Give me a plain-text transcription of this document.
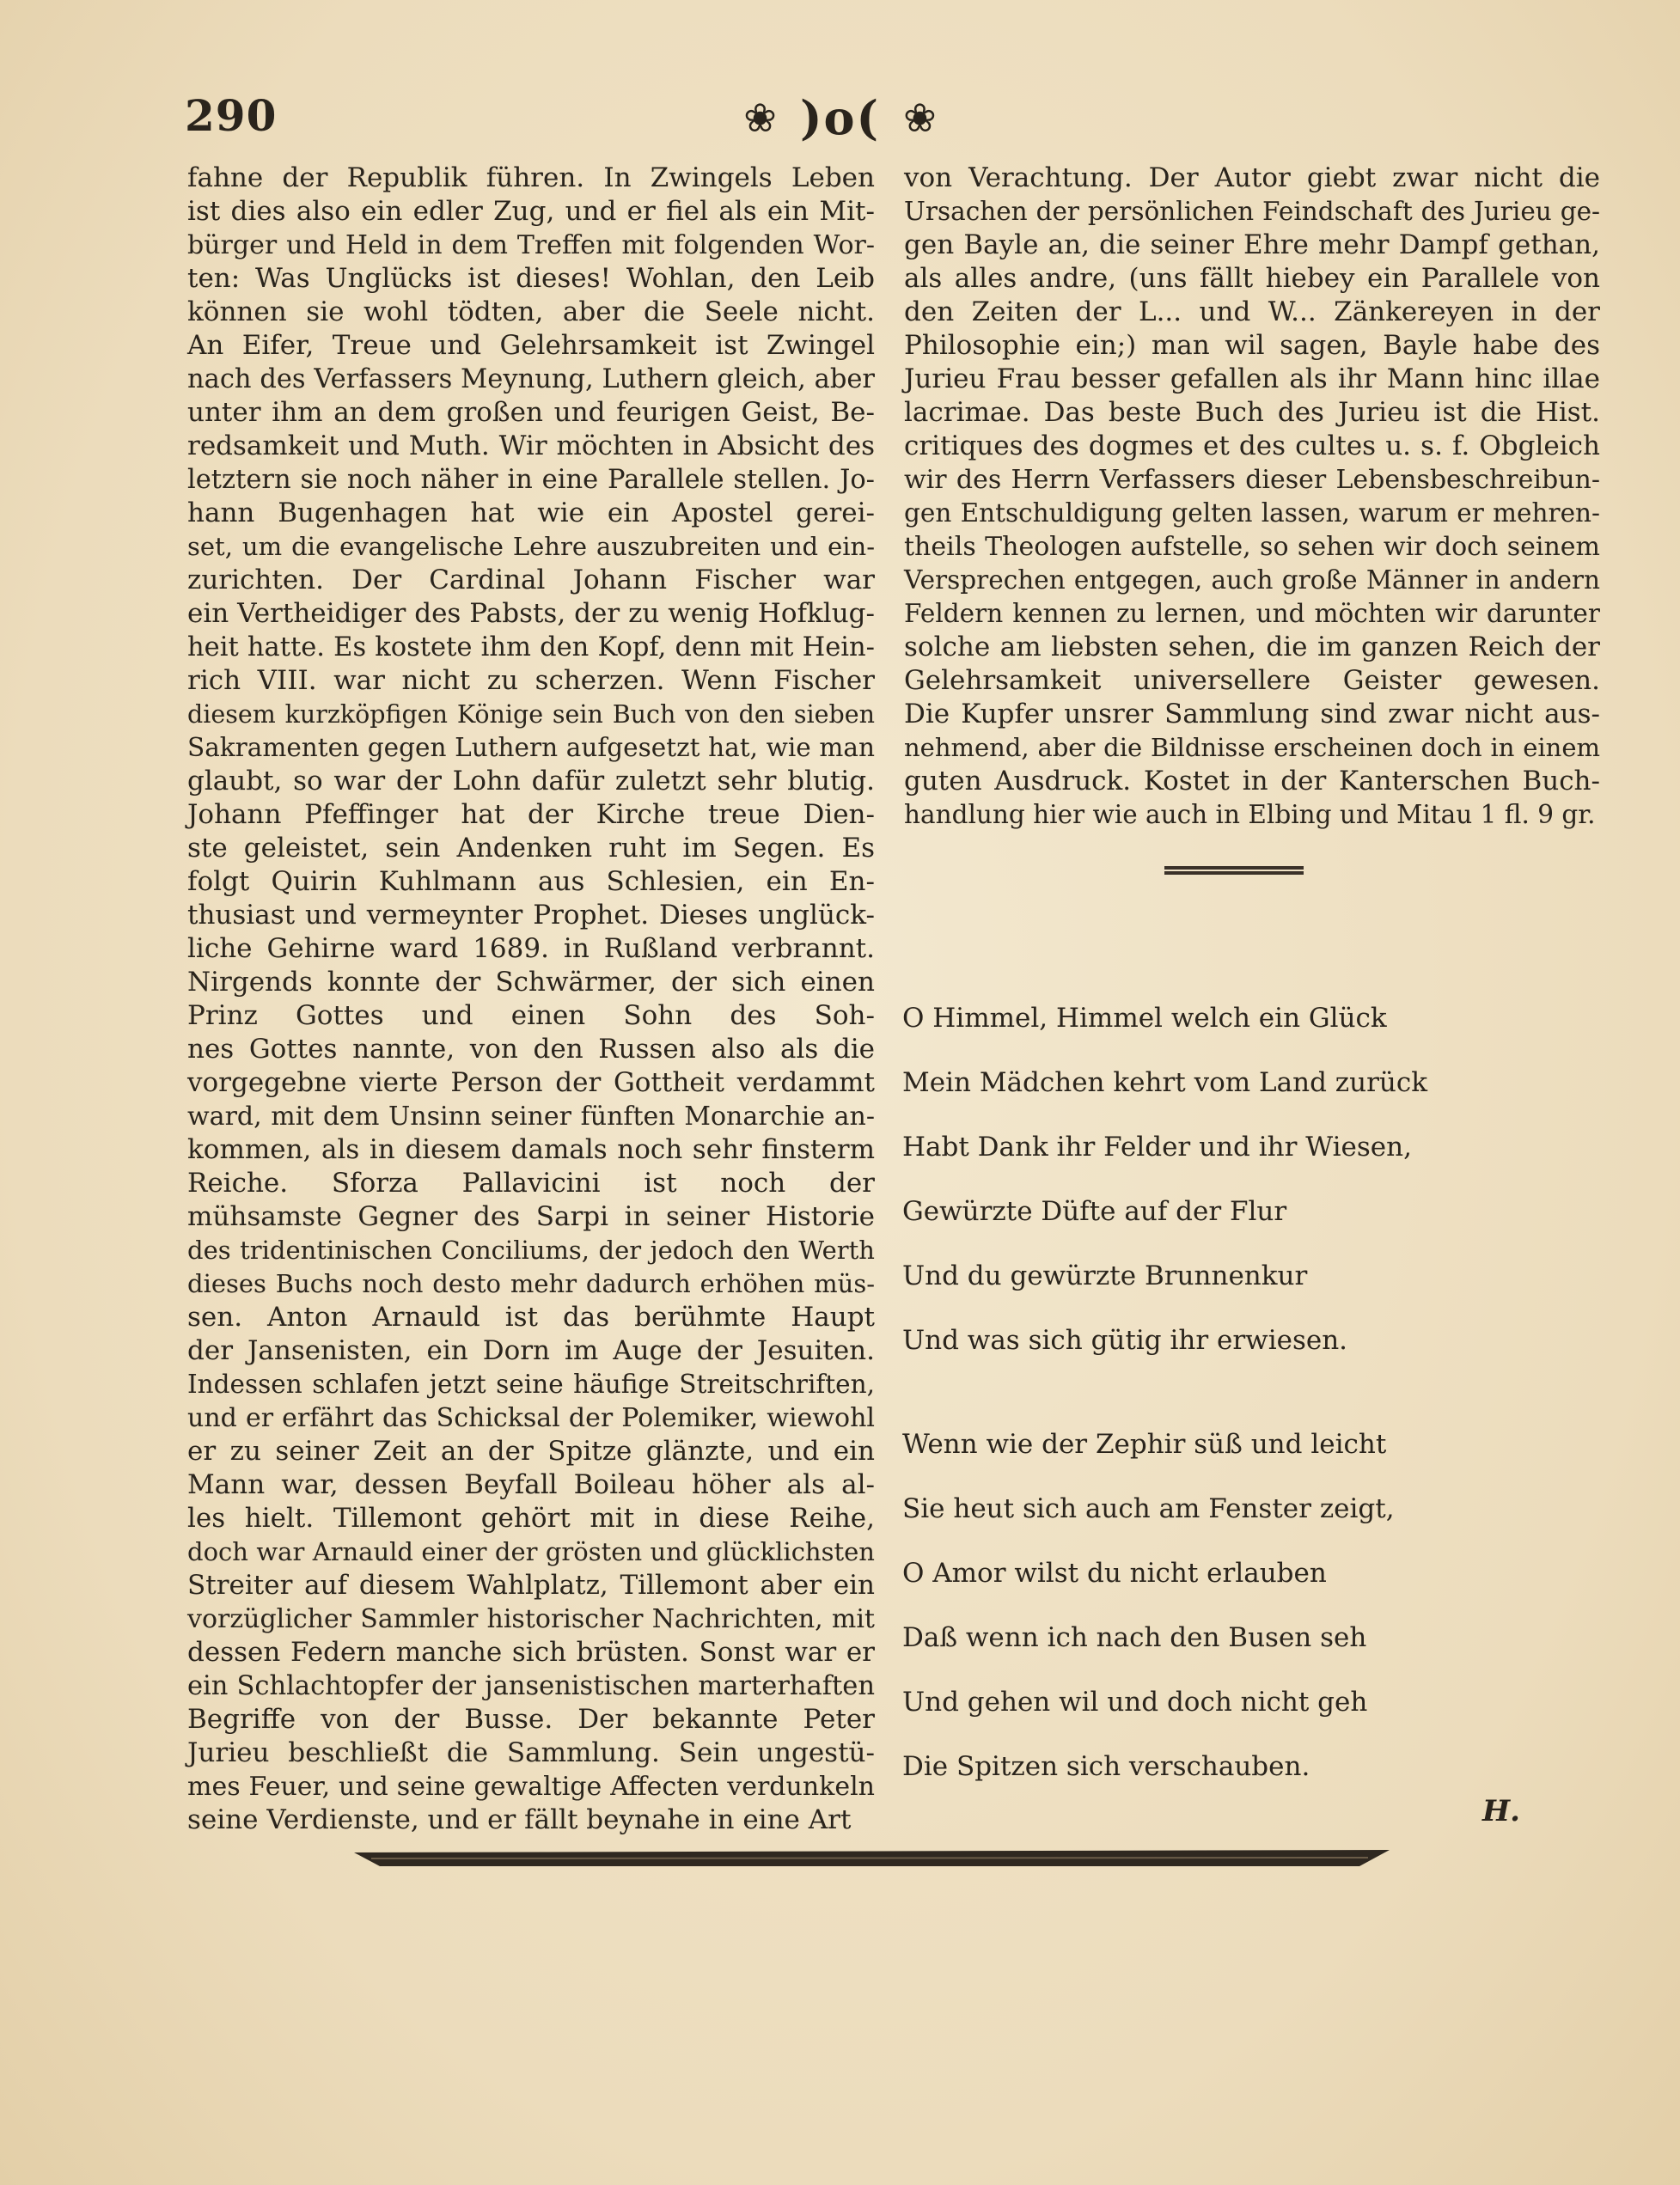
290	❀ )o( ❀
fahne der Republik führen. In Zwingels Leben
ist dies also ein edler Zug, und er fiel als ein Mit-
bürger und Held in dem Treffen mit folgenden Wor-
ten: Was Unglücks ist dieses! Wohlan, den Leib
können sie wohl tödten, aber die Seele nicht.
An Eifer, Treue und Gelehrsamkeit ist Zwingel
nach des Verfassers Meynung, Luthern gleich, aber
unter ihm an dem großen und feurigen Geist, Be-
redsamkeit und Muth. Wir möchten in Absicht des
letztern sie noch näher in eine Parallele stellen. Jo-
hann Bugenhagen hat wie ein Apostel gerei-
set, um die evangelische Lehre auszubreiten und ein-
zurichten. Der Cardinal Johann Fischer war
ein Vertheidiger des Pabsts, der zu wenig Hofklug-
heit hatte. Es kostete ihm den Kopf, denn mit Hein-
rich VIII. war nicht zu scherzen. Wenn Fischer
diesem kurzköpfigen Könige sein Buch von den sieben
Sakramenten gegen Luthern aufgesetzt hat, wie man
glaubt, so war der Lohn dafür zuletzt sehr blutig.
Johann Pfeffinger hat der Kirche treue Dien-
ste geleistet, sein Andenken ruht im Segen. Es
folgt Quirin Kuhlmann aus Schlesien, ein En-
thusiast und vermeynter Prophet. Dieses unglück-
liche Gehirne ward 1689. in Rußland verbrannt.
Nirgends konnte der Schwärmer, der sich einen
Prinz Gottes und einen Sohn des Soh-
nes Gottes nannte, von den Russen also als die
vorgegebne vierte Person der Gottheit verdammt
ward, mit dem Unsinn seiner fünften Monarchie an-
kommen, als in diesem damals noch sehr finsterm
Reiche. Sforza Pallavicini ist noch der
mühsamste Gegner des Sarpi in seiner Historie
des tridentinischen Conciliums, der jedoch den Werth
dieses Buchs noch desto mehr dadurch erhöhen müs-
sen. Anton Arnauld ist das berühmte Haupt
der Jansenisten, ein Dorn im Auge der Jesuiten.
Indessen schlafen jetzt seine häufige Streitschriften,
und er erfährt das Schicksal der Polemiker, wiewohl
er zu seiner Zeit an der Spitze glänzte, und ein
Mann war, dessen Beyfall Boileau höher als al-
les hielt. Tillemont gehört mit in diese Reihe,
doch war Arnauld einer der grösten und glücklichsten
Streiter auf diesem Wahlplatz, Tillemont aber ein
vorzüglicher Sammler historischer Nachrichten, mit
dessen Federn manche sich brüsten. Sonst war er
ein Schlachtopfer der jansenistischen marterhaften
Begriffe von der Busse. Der bekannte Peter
Jurieu beschließt die Sammlung. Sein ungestü-
mes Feuer, und seine gewaltige Affecten verdunkeln
seine Verdienste, und er fällt beynahe in eine Art
von Verachtung. Der Autor giebt zwar nicht die
Ursachen der persönlichen Feindschaft des Jurieu ge-
gen Bayle an, die seiner Ehre mehr Dampf gethan,
als alles andre, (uns fällt hiebey ein Parallele von
den Zeiten der L... und W... Zänkereyen in der
Philosophie ein;) man wil sagen, Bayle habe des
Jurieu Frau besser gefallen als ihr Mann hinc illae
lacrimae. Das beste Buch des Jurieu ist die Hist.
critiques des dogmes et des cultes u. s. f. Obgleich
wir des Herrn Verfassers dieser Lebensbeschreibun-
gen Entschuldigung gelten lassen, warum er mehren-
theils Theologen aufstelle, so sehen wir doch seinem
Versprechen entgegen, auch große Männer in andern
Feldern kennen zu lernen, und möchten wir darunter
solche am liebsten sehen, die im ganzen Reich der
Gelehrsamkeit universellere Geister gewesen.
Die Kupfer unsrer Sammlung sind zwar nicht aus-
nehmend, aber die Bildnisse erscheinen doch in einem
guten Ausdruck. Kostet in der Kanterschen Buch-
handlung hier wie auch in Elbing und Mitau 1 fl. 9 gr.
O Himmel, Himmel welch ein Glück
Mein Mädchen kehrt vom Land zurück
Habt Dank ihr Felder und ihr Wiesen,
Gewürzte Düfte auf der Flur
Und du gewürzte Brunnenkur
Und was sich gütig ihr erwiesen.
Wenn wie der Zephir süß und leicht
Sie heut sich auch am Fenster zeigt,
O Amor wilst du nicht erlauben
Daß wenn ich nach den Busen seh
Und gehen wil und doch nicht geh
Die Spitzen sich verschauben.
H.
